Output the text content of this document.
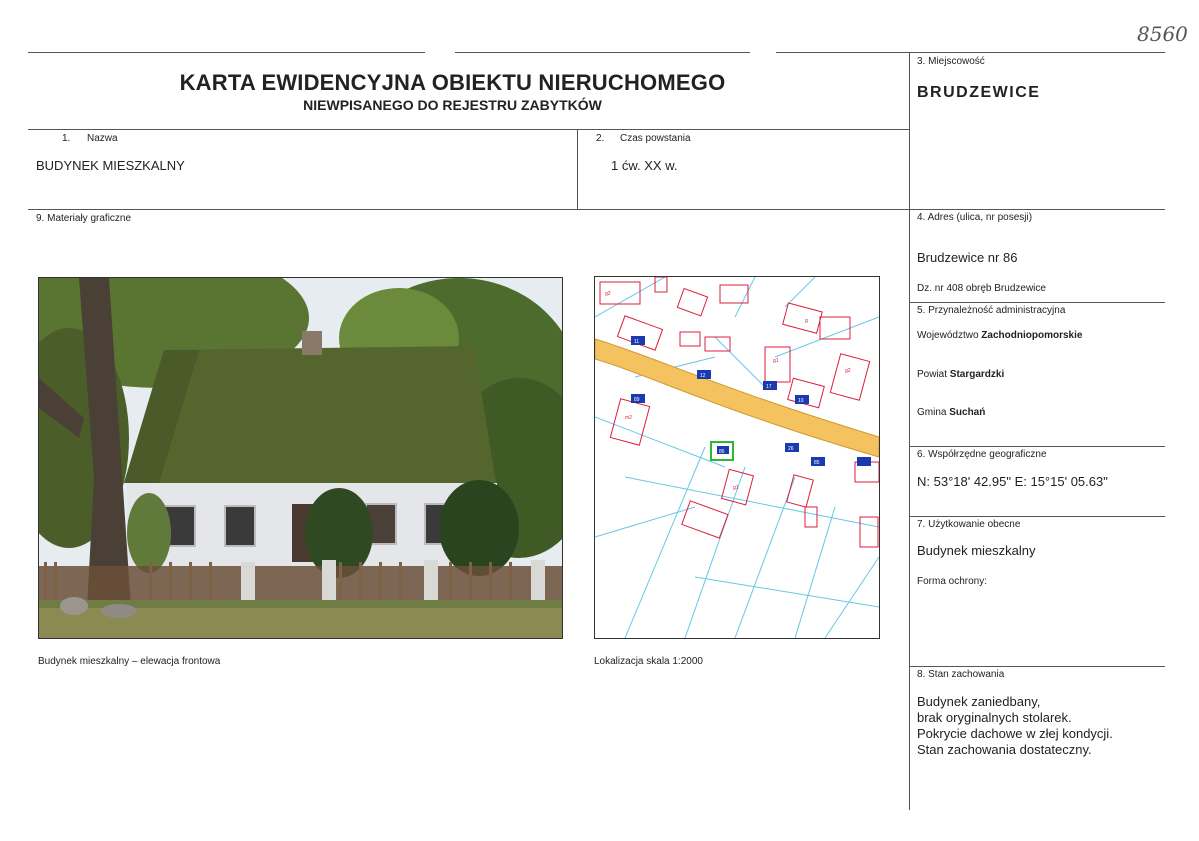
8560
KARTA EWIDENCYJNA OBIEKTU NIERUCHOMEGO
NIEWPISANEGO DO REJESTRU ZABYTKÓW
3. Miejscowość
BRUDZEWICE
1. Nazwa
BUDYNEK MIESZKALNY
2. Czas powstania
1 ćw. XX w.
9. Materiały graficzne	4. Adres (ulica, nr posesji)
Brudzewice nr 86
Dz. nr 408 obręb Brudzewice
5. Przynależność administracyjna
Województwo Zachodniopomorskie
Powiat Stargardzki
Gmina Suchań
6. Współrzędne geograficzne
N: 53°18' 42.95" E: 15°15' 05.63"
7. Użytkowanie obecne
Budynek mieszkalny
Forma ochrony:
8. Stan zachowania
Budynek zaniedbany,
brak oryginalnych stolarek.
Pokrycie dachowe w złej kondycji.
Stan zachowania dostateczny.
11
12
17
10
89
26
85
86
g2
g
m2
g1
g1
g2
Budynek mieszkalny – elewacja frontowa	Lokalizacja skala 1:2000
